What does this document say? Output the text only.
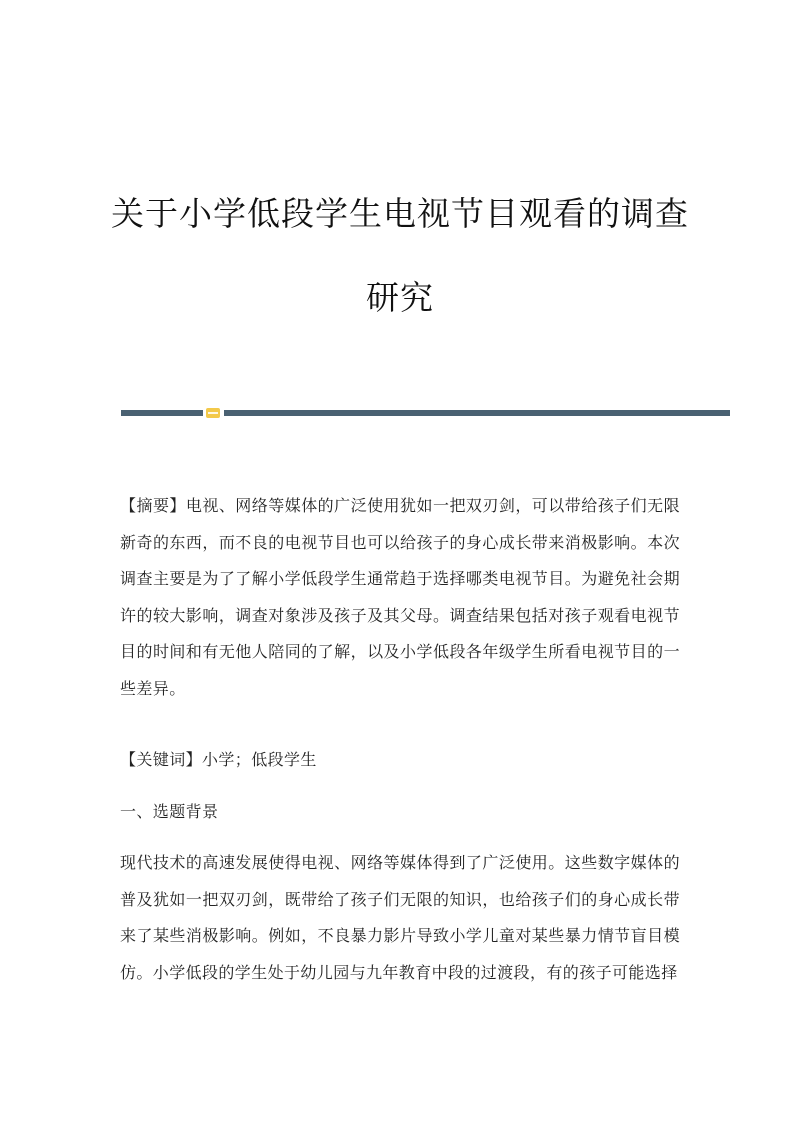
关于小学低段学生电视节目观看的调查
研究

【摘要】电视、网络等媒体的广泛使用犹如一把双刃剑，可以带给孩子们无限新奇的东西，而不良的电视节目也可以给孩子的身心成长带来消极影响。本次调查主要是为了了解小学低段学生通常趋于选择哪类电视节目。为避免社会期许的较大影响，调查对象涉及孩子及其父母。调查结果包括对孩子观看电视节目的时间和有无他人陪同的了解，以及小学低段各年级学生所看电视节目的一些差异。

【关键词】小学；低段学生

一、选题背景

现代技术的高速发展使得电视、网络等媒体得到了广泛使用。这些数字媒体的普及犹如一把双刃剑，既带给了孩子们无限的知识，也给孩子们的身心成长带来了某些消极影响。例如，不良暴力影片导致小学儿童对某些暴力情节盲目模仿。小学低段的学生处于幼儿园与九年教育中段的过渡段，有的孩子可能选择
